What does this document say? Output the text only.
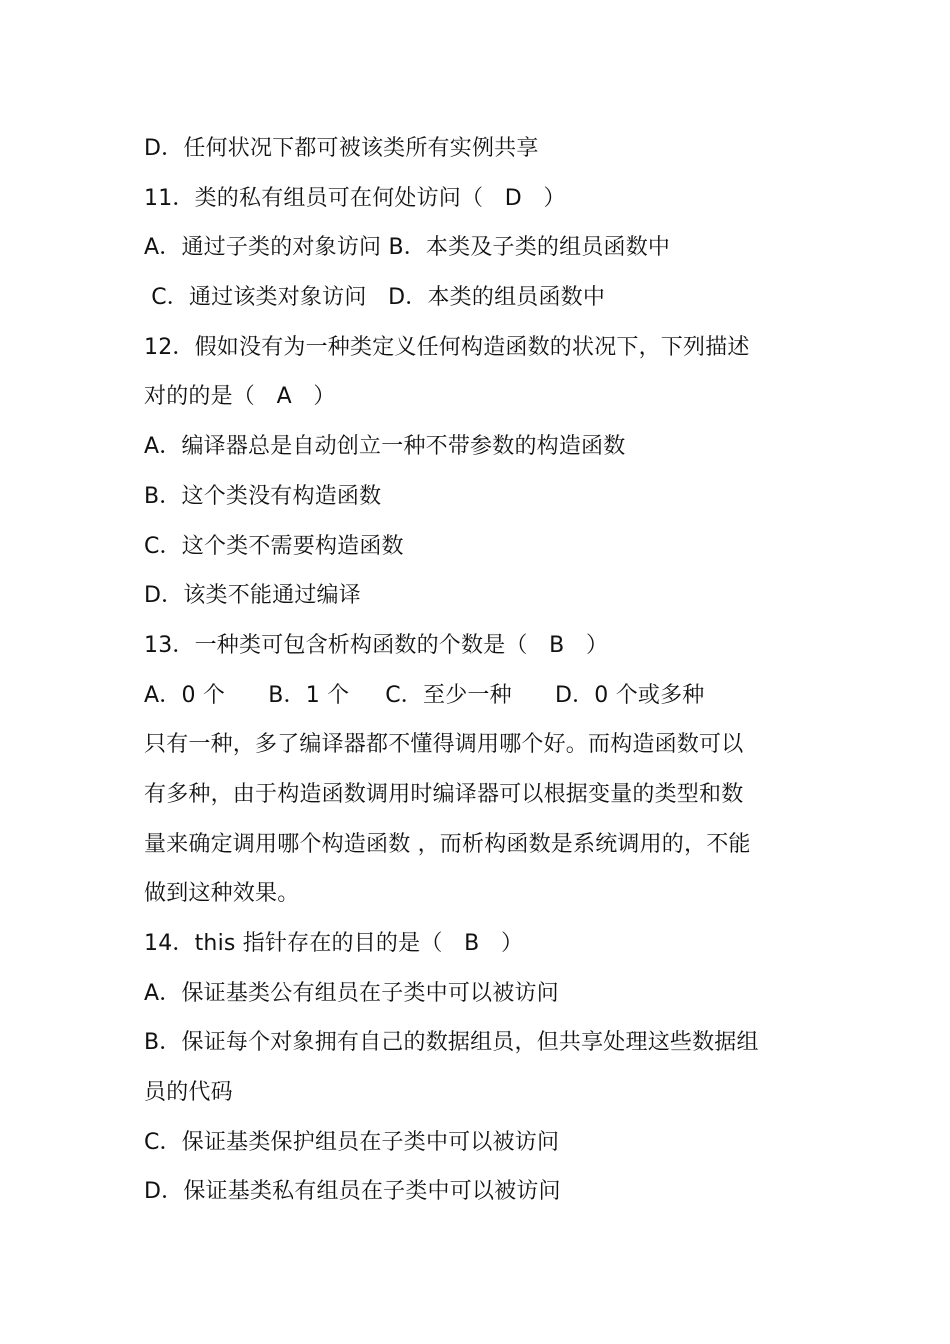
D．任何状况下都可被该类所有实例共享
11．类的私有组员可在何处访问（   D   ）
A．通过子类的对象访问 B．本类及子类的组员函数中
C．通过该类对象访问   D．本类的组员函数中
12．假如没有为一种类定义任何构造函数的状况下，下列描述
对的的是（   A   ）
A．编译器总是自动创立一种不带参数的构造函数
B．这个类没有构造函数
C．这个类不需要构造函数
D．该类不能通过编译
13．一种类可包含析构函数的个数是（   B   ）
A．0 个      B．1 个     C．至少一种      D．0 个或多种
只有一种，多了编译器都不懂得调用哪个好。而构造函数可以
有多种，由于构造函数调用时编译器可以根据变量的类型和数
量来确定调用哪个构造函数 ，而析构函数是系统调用的，不能
做到这种效果。
14．this 指针存在的目的是（   B   ）
A．保证基类公有组员在子类中可以被访问
B．保证每个对象拥有自己的数据组员，但共享处理这些数据组
员的代码
C．保证基类保护组员在子类中可以被访问
D．保证基类私有组员在子类中可以被访问
